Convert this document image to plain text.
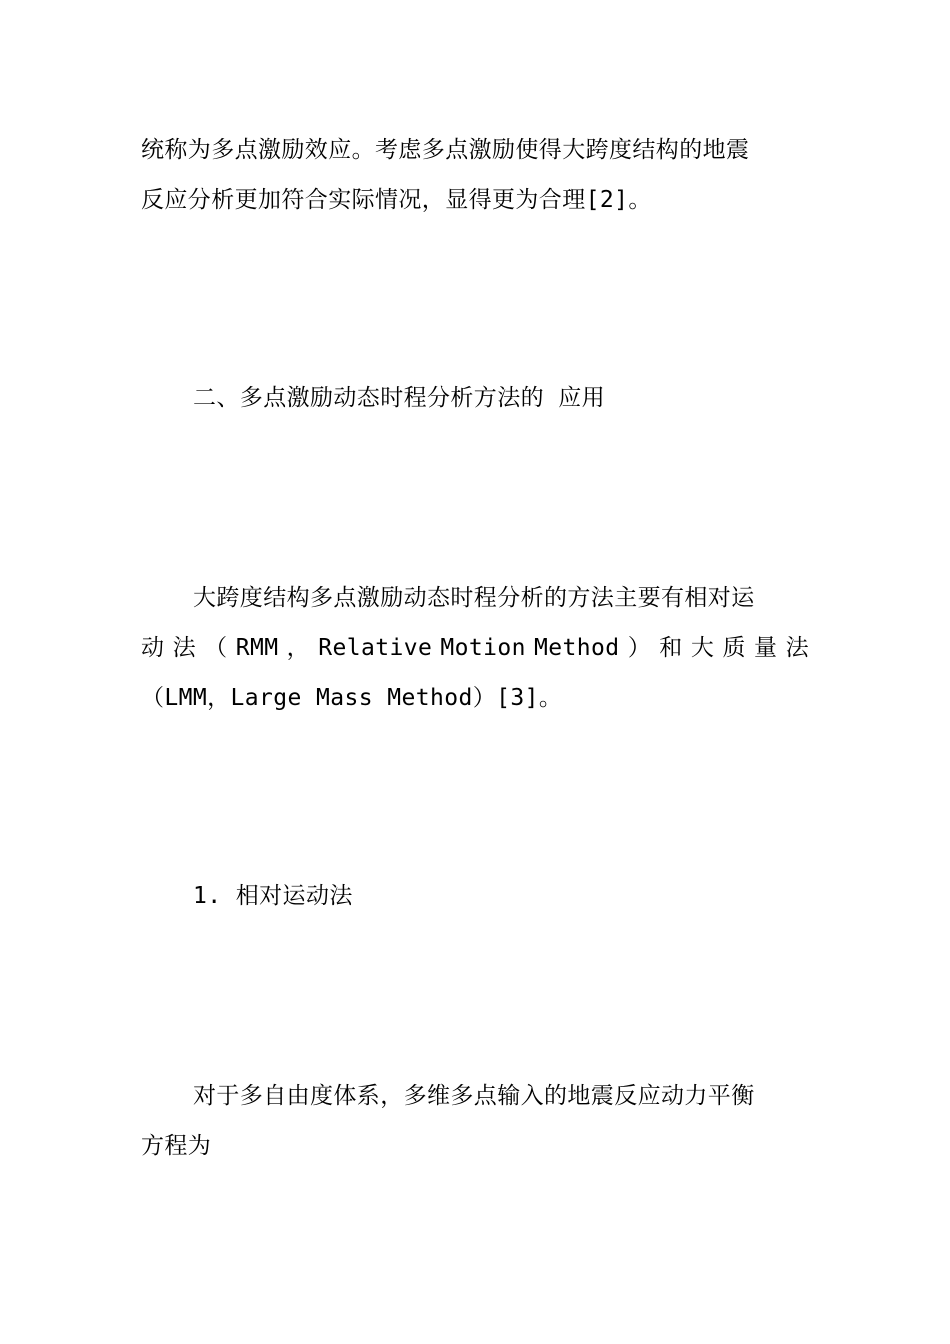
统称为多点激励效应。考虑多点激励使得大跨度结构的地震
反应分析更加符合实际情况，显得更为合理[2]。
二、多点激励动态时程分析方法的 应用
大跨度结构多点激励动态时程分析的方法主要有相对运
动 法 （ RMM ， Relative Motion Method ） 和 大 质 量 法
（LMM，Large Mass Method）[3]。
1. 相对运动法
对于多自由度体系，多维多点输入的地震反应动力平衡
方程为
